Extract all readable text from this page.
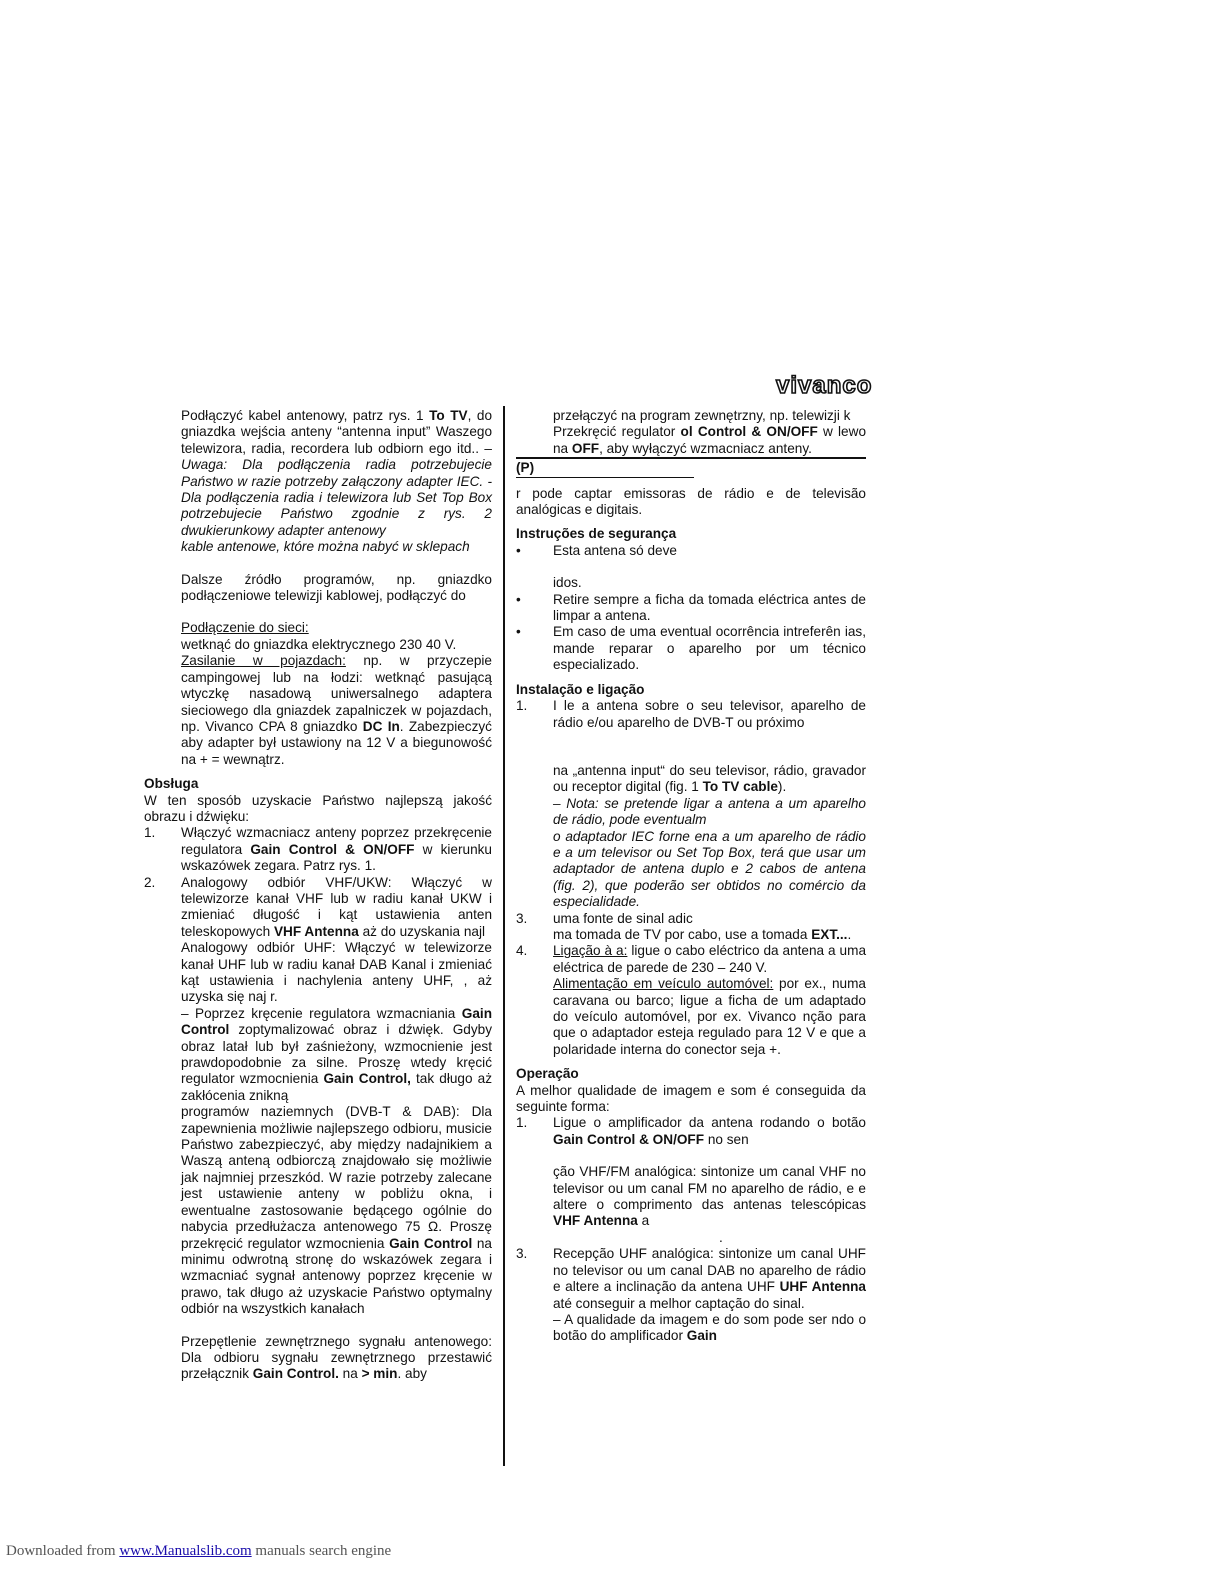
vivanco

Podłączyć kabel antenowy, patrz rys. 1 To TV, do gniazdka wejścia anteny “antenna input” Waszego telewizora, radia, recordera lub odbiorn ego itd.. – Uwaga: Dla podłączenia radia potrzebujecie Państwo w razie potrzeby załączony adapter IEC. - Dla podłączenia radia i telewizora lub Set Top Box potrzebujecie Państwo zgodnie z rys. 2 dwukierunkowy adapter antenowy

kable antenowe, które można nabyć w sklepach

Dalsze źródło programów, np. gniazdko podłączeniowe telewizji kablowej, podłączyć do

Podłączenie do sieci:

wetknąć do gniazdka elektrycznego 230 40 V.

Zasilanie w pojazdach: np. w przyczepie campingowej lub na łodzi: wetknąć pasującą wtyczkę nasadową uniwersalnego adaptera sieciowego dla gniazdek zapalniczek w pojazdach, np. Vivanco CPA 8 gniazdko DC In. Zabezpieczyć aby adapter był ustawiony na 12 V a biegunowość na + = wewnątrz.

Obsługa

W ten sposób uzyskacie Państwo najlepszą jakość obrazu i dźwięku:

1. Włączyć wzmacniacz anteny poprzez przekręcenie regulatora Gain Control & ON/OFF w kierunku wskazówek zegara. Patrz rys. 1.
2. Analogowy odbiór VHF/UKW: Włączyć w telewizorze kanał VHF lub w radiu kanał UKW i zmieniać długość i kąt ustawienia anten teleskopowych VHF Antenna aż do uzyskania najl

Analogowy odbiór UHF: Włączyć w telewizorze kanał UHF lub w radiu kanał DAB Kanal i zmieniać kąt ustawienia i nachylenia anteny UHF, , aż uzyska się naj r.

– Poprzez kręcenie regulatora wzmacniania Gain Control zoptymalizować obraz i dźwięk. Gdyby obraz latał lub był zaśnieżony, wzmocnienie jest prawdopodobnie za silne. Proszę wtedy kręcić regulator wzmocnienia Gain Control, tak długo aż zakłócenia znikną

programów naziemnych (DVB-T & DAB): Dla zapewnienia możliwie najlepszego odbioru, musicie Państwo zabezpieczyć, aby między nadajnikiem a Waszą anteną odbiorczą znajdowało się możliwie jak najmniej przeszkód. W razie potrzeby zalecane jest ustawienie anteny w pobliżu okna, i ewentualne zastosowanie będącego ogólnie do nabycia przedłużacza antenowego 75 Ω. Proszę przekręcić regulator wzmocnienia Gain Control na minimu odwrotną stronę do wskazówek zegara i wzmacniać sygnał antenowy poprzez kręcenie w prawo, tak długo aż uzyskacie Państwo optymalny odbiór na wszystkich kanałach

Przepętlenie zewnętrznego sygnału antenowego: Dla odbioru sygnału zewnętrznego przestawić przełącznik Gain Control. na > min. aby

przełączyć na program zewnętrzny, np. telewizji k

Przekręcić regulator ol Control & ON/OFF w lewo na OFF, aby wyłączyć wzmacniacz anteny.

(P)

r pode captar emissoras de rádio e de televisão analógicas e digitais.

Instruções de segurança

• Esta antena só deve

idos.

• Retire sempre a ficha da tomada eléctrica antes de limpar a antena.
• Em caso de uma eventual ocorrência intreferên ias, mande reparar o aparelho por um técnico especializado.

Instalação e ligação

1. I le a antena sobre o seu televisor, aparelho de rádio e/ou aparelho de DVB-T ou próximo

na „antenna input“ do seu televisor, rádio, gravador ou receptor digital (fig. 1 To TV cable).

– Nota: se pretende ligar a antena a um aparelho de rádio, pode eventualm

o adaptador IEC forne ena a um aparelho de rádio e a um televisor ou Set Top Box, terá que usar um adaptador de antena duplo e 2 cabos de antena (fig. 2), que poderão ser obtidos no comércio da especialidade.

3. uma fonte de sinal adic
ma tomada de TV por cabo, use a tomada EXT....
4. Ligação à a: ligue o cabo eléctrico da antena a uma eléctrica de parede de 230 – 240 V.

Alimentação em veículo automóvel: por ex., numa caravana ou barco; ligue a ficha de um adaptado do veículo automóvel, por ex. Vivanco nção para que o adaptador esteja regulado para 12 V e que a polaridade interna do conector seja +.

Operação

A melhor qualidade de imagem e som é conseguida da seguinte forma:

1. Ligue o amplificador da antena rodando o botão Gain Control & ON/OFF no sen

ção VHF/FM analógica: sintonize um canal VHF no televisor ou um canal FM no aparelho de rádio, e e altere o comprimento das antenas telescópicas VHF Antenna a
.

3. Recepção UHF analógica: sintonize um canal UHF no televisor ou um canal DAB no aparelho de rádio e altere a inclinação da antena UHF UHF Antenna até conseguir a melhor captação do sinal.

– A qualidade da imagem e do som pode ser ndo o botão do amplificador Gain

Downloaded from www.Manualslib.com manuals search engine
